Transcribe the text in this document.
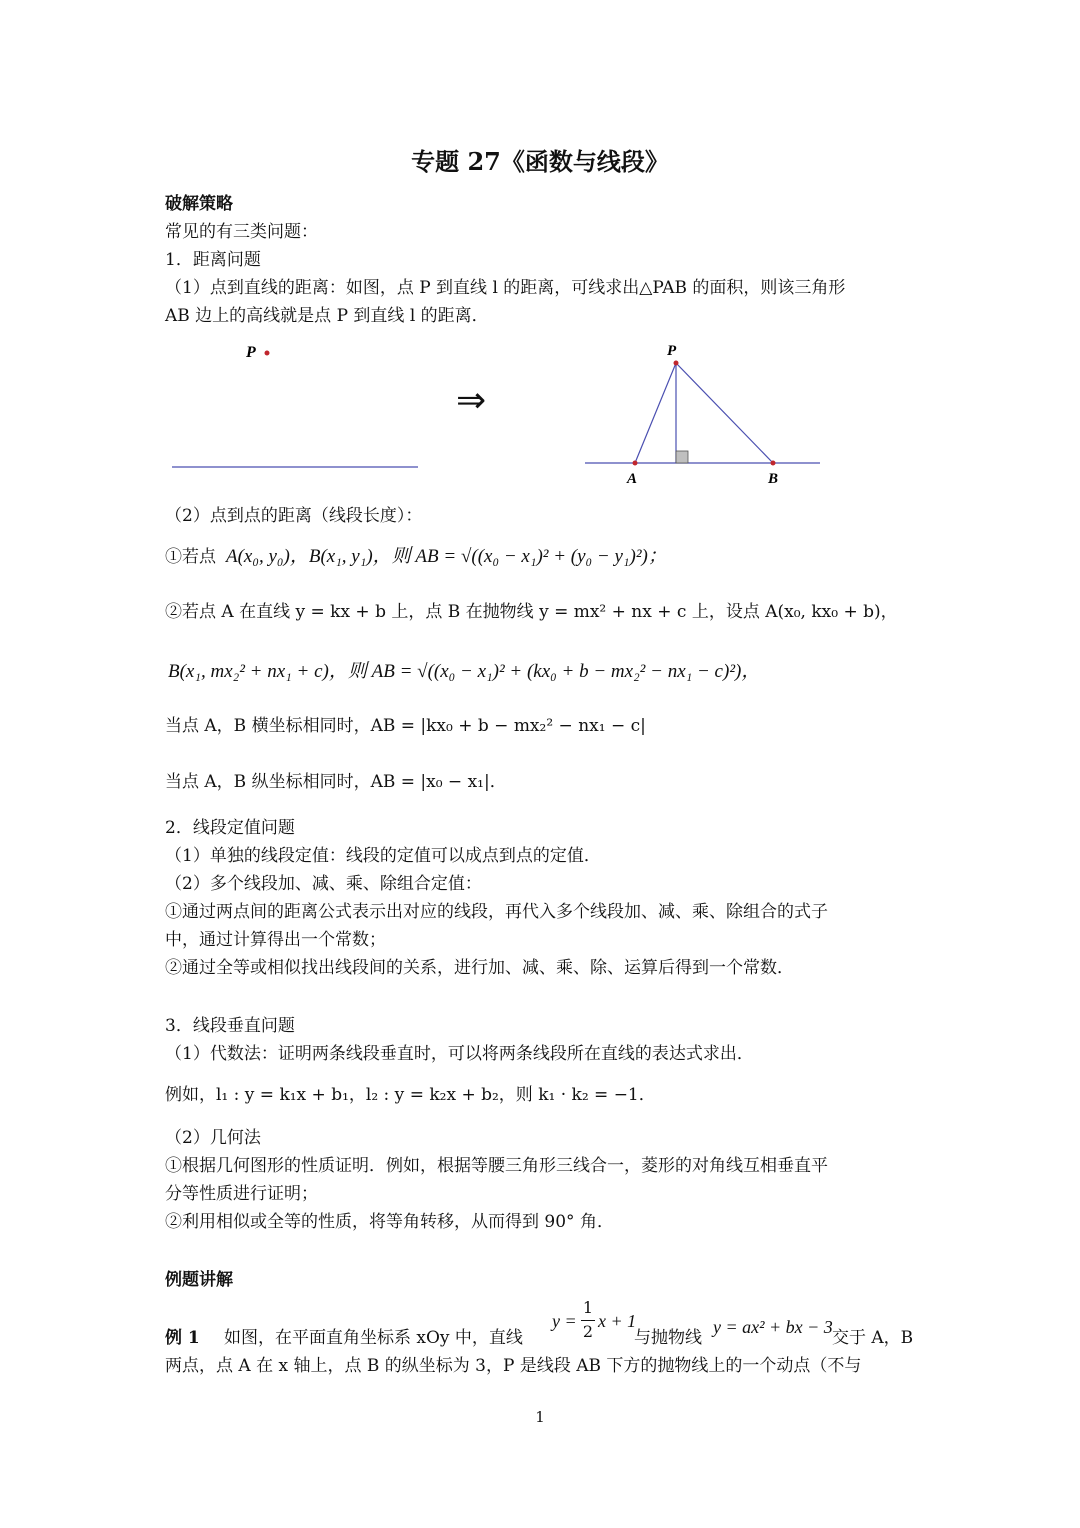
专题 27《函数与线段》
破解策略
常见的有三类问题：
1．距离问题
（1）点到直线的距离：如图，点 P 到直线 l 的距离，可线求出△PAB 的面积，则该三角形
AB 边上的高线就是点 P 到直线 l 的距离．
P
⇒
P
A	B
（2）点到点的距离（线段长度）：
①若点 A(x₀, y₀)，B(x₁, y₁)，则 AB = √((x₀ − x₁)² + (y₀ − y₁)²)；
②若点 A 在直线 y = kx + b 上，点 B 在抛物线 y = mx² + nx + c 上，设点 A(x₀, kx₀ + b)，
B(x₁, mx₂² + nx₁ + c)，则 AB = √((x₀ − x₁)² + (kx₀ + b − mx₂² − nx₁ − c)²)，
当点 A，B 横坐标相同时，AB = |kx₀ + b − mx₂² − nx₁ − c|
当点 A，B 纵坐标相同时，AB = |x₀ − x₁|．
2．线段定值问题
（1）单独的线段定值：线段的定值可以成点到点的定值．
（2）多个线段加、减、乘、除组合定值：
①通过两点间的距离公式表示出对应的线段，再代入多个线段加、减、乘、除组合的式子
中，通过计算得出一个常数；
②通过全等或相似找出线段间的关系，进行加、减、乘、除、运算后得到一个常数．
3．线段垂直问题
（1）代数法：证明两条线段垂直时，可以将两条线段所在直线的表达式求出．
例如，l₁ : y = k₁x + b₁，l₂ : y = k₂x + b₂，则 k₁ · k₂ = −1．
（2）几何法
①根据几何图形的性质证明．例如，根据等腰三角形三线合一，菱形的对角线互相垂直平
分等性质进行证明；
②利用相似或全等的性质，将等角转移，从而得到 90° 角．
例题讲解
例 1 如图，在平面直角坐标系 xOy 中，直线
y =
1
2
x + 1
与抛物线
y = ax² + bx − 3
交于 A，B
两点，点 A 在 x 轴上，点 B 的纵坐标为 3，P 是线段 AB 下方的抛物线上的一个动点（不与
1
